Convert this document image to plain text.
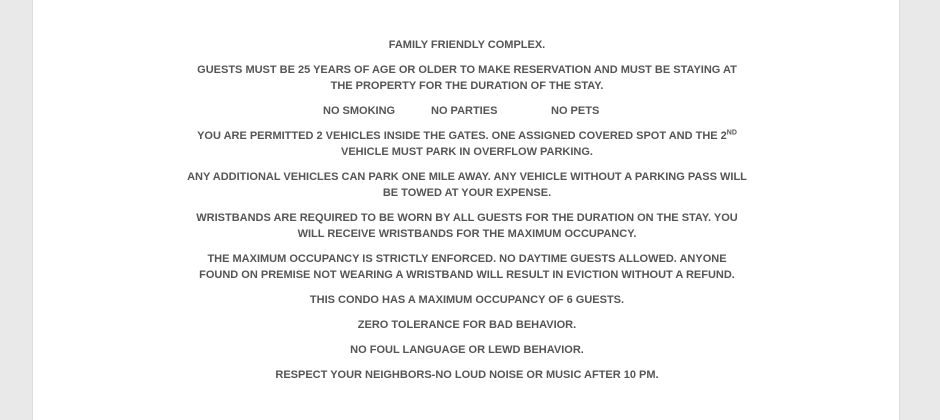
FAMILY FRIENDLY COMPLEX.

GUESTS MUST BE 25 YEARS OF AGE OR OLDER TO MAKE RESERVATION AND MUST BE STAYING AT THE PROPERTY FOR THE DURATION OF THE STAY.

NO SMOKING	NO PARTIES	NO PETS

YOU ARE PERMITTED 2 VEHICLES INSIDE THE GATES. ONE ASSIGNED COVERED SPOT AND THE 2ND VEHICLE MUST PARK IN OVERFLOW PARKING.

ANY ADDITIONAL VEHICLES CAN PARK ONE MILE AWAY. ANY VEHICLE WITHOUT A PARKING PASS WILL BE TOWED AT YOUR EXPENSE.

WRISTBANDS ARE REQUIRED TO BE WORN BY ALL GUESTS FOR THE DURATION ON THE STAY. YOU WILL RECEIVE WRISTBANDS FOR THE MAXIMUM OCCUPANCY.

THE MAXIMUM OCCUPANCY IS STRICTLY ENFORCED. NO DAYTIME GUESTS ALLOWED. ANYONE FOUND ON PREMISE NOT WEARING A WRISTBAND WILL RESULT IN EVICTION WITHOUT A REFUND.

THIS CONDO HAS A MAXIMUM OCCUPANCY OF 6 GUESTS.

ZERO TOLERANCE FOR BAD BEHAVIOR.

NO FOUL LANGUAGE OR LEWD BEHAVIOR.

RESPECT YOUR NEIGHBORS-NO LOUD NOISE OR MUSIC AFTER 10 PM.
